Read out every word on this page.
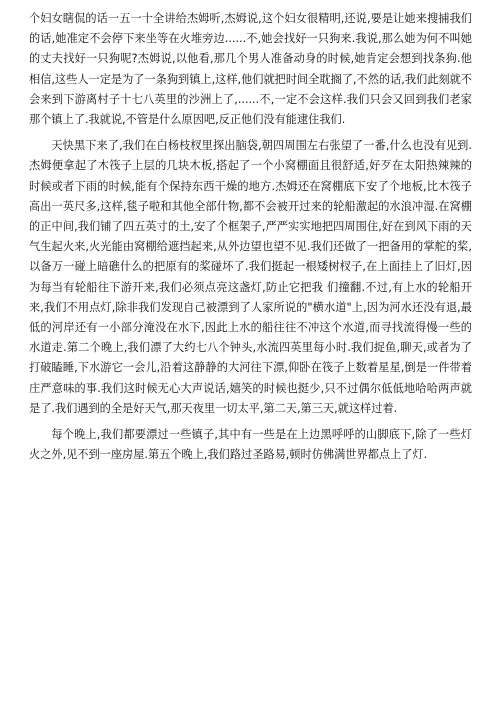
个妇女瞎侃的话一五一十全讲给杰姆听,杰姆说,这个妇女很精明,还说,要是让她来搜捕我们的话,她准定不会停下来坐等在火堆旁边......不,她会找好一只狗来.我说,那么她为何不叫她的丈夫找好一只狗呢?杰姆说,以他看,那几个男人准备动身的时候,她肯定会想到找条狗.他相信,这些人一定是为了一条狗到镇上,这样,他们就把时间全耽搁了,不然的话,我们此刻就不会来到下游离村子十七八英里的沙洲上了,......不,一定不会这样.我们只会又回到我们老家那个镇上了.我就说,不管是什么原因吧,反正他们没有能逮住我们.

天快黑下来了,我们在白杨枝杈里探出脑袋,朝四周围左右张望了一番,什么也没有见到.杰姆便拿起了木筏子上层的几块木板,搭起了一个小窝棚面且很舒适,好歹在太阳热辣辣的时候或者下雨的时候,能有个保持东西干燥的地方.杰姆还在窝棚底下安了个地板,比木筏子高出一英尺多,这样,毯子啦和其他全部什物,都不会被开过来的轮船激起的水浪冲湿.在窝棚的正中间,我们铺了四五英寸的土,安了个框架子,严严实实地把四周围住,好在到风下雨的天气生起火来,火光能由窝棚给遮挡起来,从外边望也望不见.我们还做了一把备用的掌舵的桨,以备万一碰上暗礁什么的把原有的桨碰坏了.我们挺起一根矮树杈子,在上面挂上了旧灯,因为每当有轮船往下游开来,我们必须点亮这盏灯,防止它把我 们撞翻.不过,有上水的轮船开来,我们不用点灯,除非我们发现自己被漂到了人家所说的"横水道"上,因为河水还没有退,最低的河岸还有一小部分淹没在水下,因此上水的船往往不冲这个水道,而寻找流得慢一些的水道走.第二个晚上,我们漂了大约七八个钟头,水流四英里每小时.我们捉鱼,聊天,或者为了打破瞌睡,下水游它一会儿,沿着这静静的大河往下漂,仰卧在筏子上数着星星,倒是一件带着庄严意味的事.我们这时候无心大声说话,嬉笑的时候也挺少,只不过偶尔低低地哈哈两声就是了.我们遇到的全是好天气,那天夜里一切太平,第二天,第三天,就这样过着.

每个晚上,我们都要漂过一些镇子,其中有一些是在上边黑呼呼的山脚底下,除了一些灯火之外,见不到一座房屋.第五个晚上,我们路过圣路易,顿时仿佛满世界都点上了灯.
